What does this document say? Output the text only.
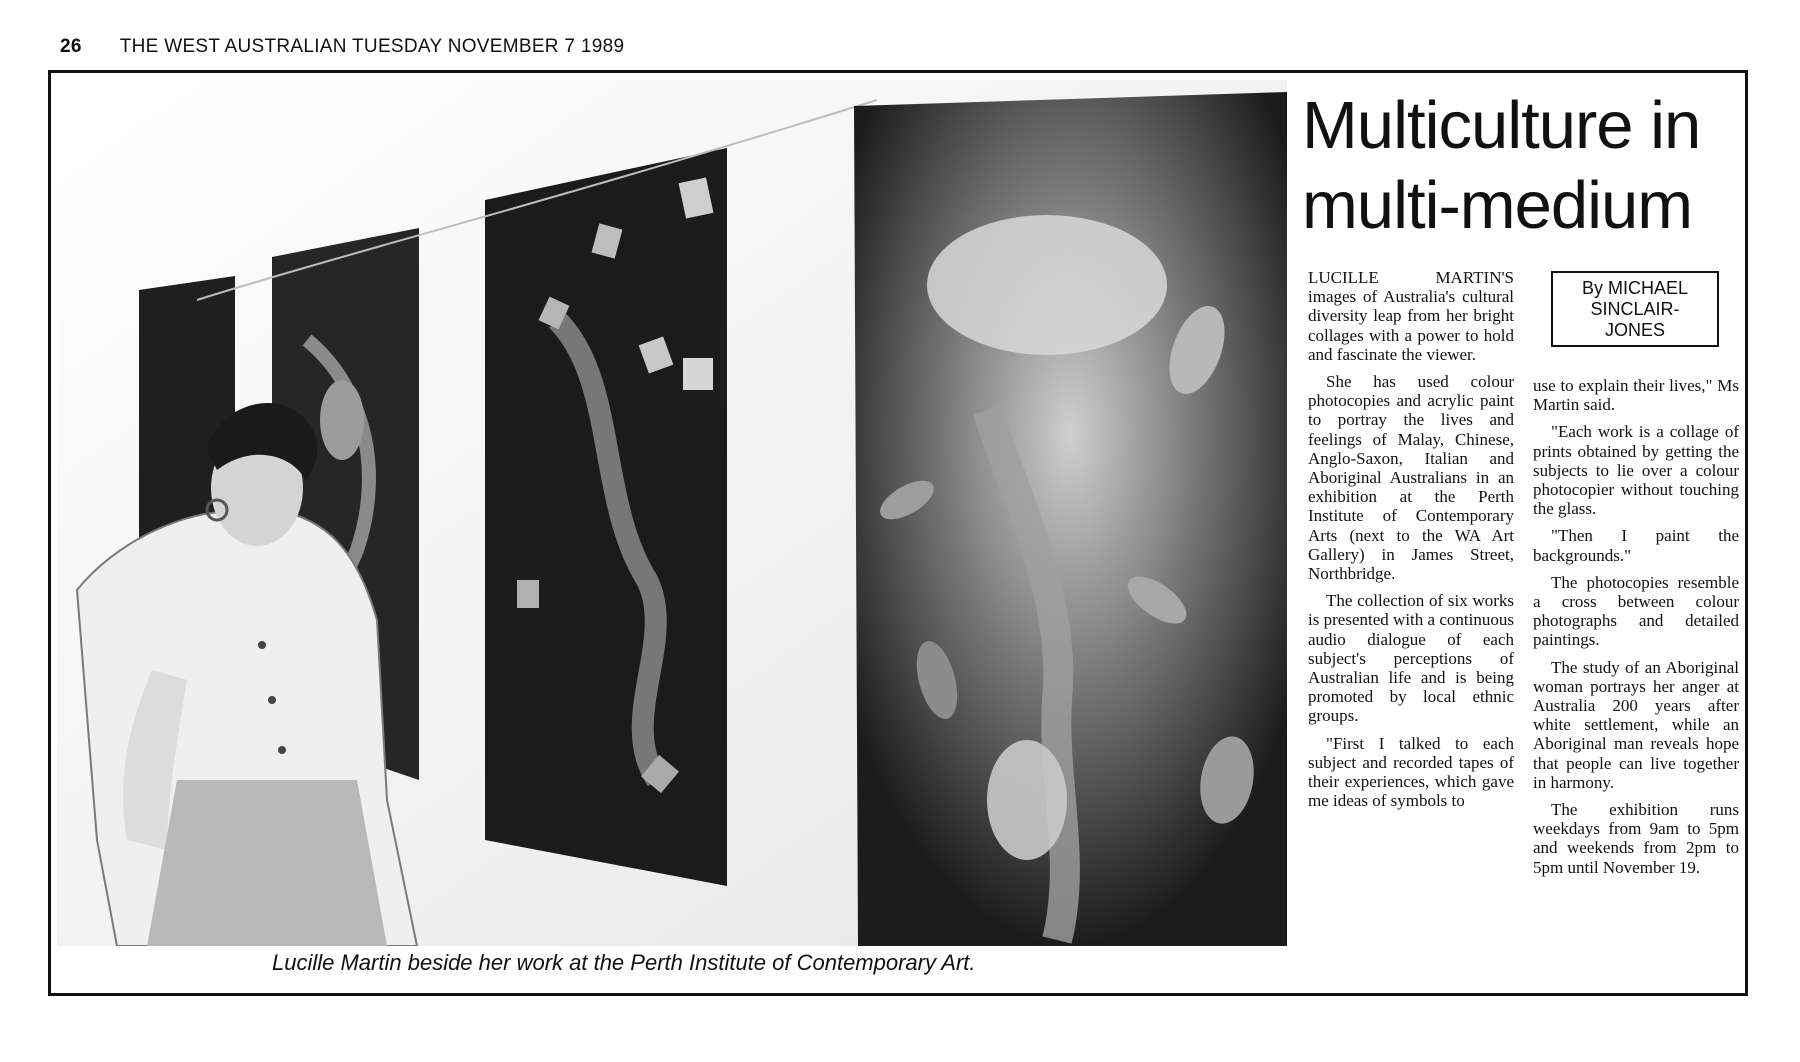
26 THE WEST AUSTRALIAN TUESDAY NOVEMBER 7 1989
Lucille Martin beside her work at the Perth Institute of Contemporary Art.
Multiculture in
multi-medium
By MICHAEL
SINCLAIR-
JONES

LUCILLE MARTIN'S images of Australia's cultural diversity leap from her bright collages with a power to hold and fascinate the viewer.

She has used colour photocopies and acrylic paint to portray the lives and feelings of Malay, Chinese, Anglo-Saxon, Italian and Aboriginal Australians in an exhibition at the Perth Institute of Contemporary Arts (next to the WA Art Gallery) in James Street, Northbridge.

The collection of six works is presented with a continuous audio dialogue of each subject's perceptions of Australian life and is being promoted by local ethnic groups.

"First I talked to each subject and recorded tapes of their experiences, which gave me ideas of symbols to

use to explain their lives," Ms Martin said.

"Each work is a collage of prints obtained by getting the subjects to lie over a colour photocopier without touching the glass.

"Then I paint the backgrounds."

The photocopies resemble a cross between colour photographs and detailed paintings.

The study of an Aboriginal woman portrays her anger at Australia 200 years after white settlement, while an Aboriginal man reveals hope that people can live together in harmony.

The exhibition runs weekdays from 9am to 5pm and weekends from 2pm to 5pm until November 19.
